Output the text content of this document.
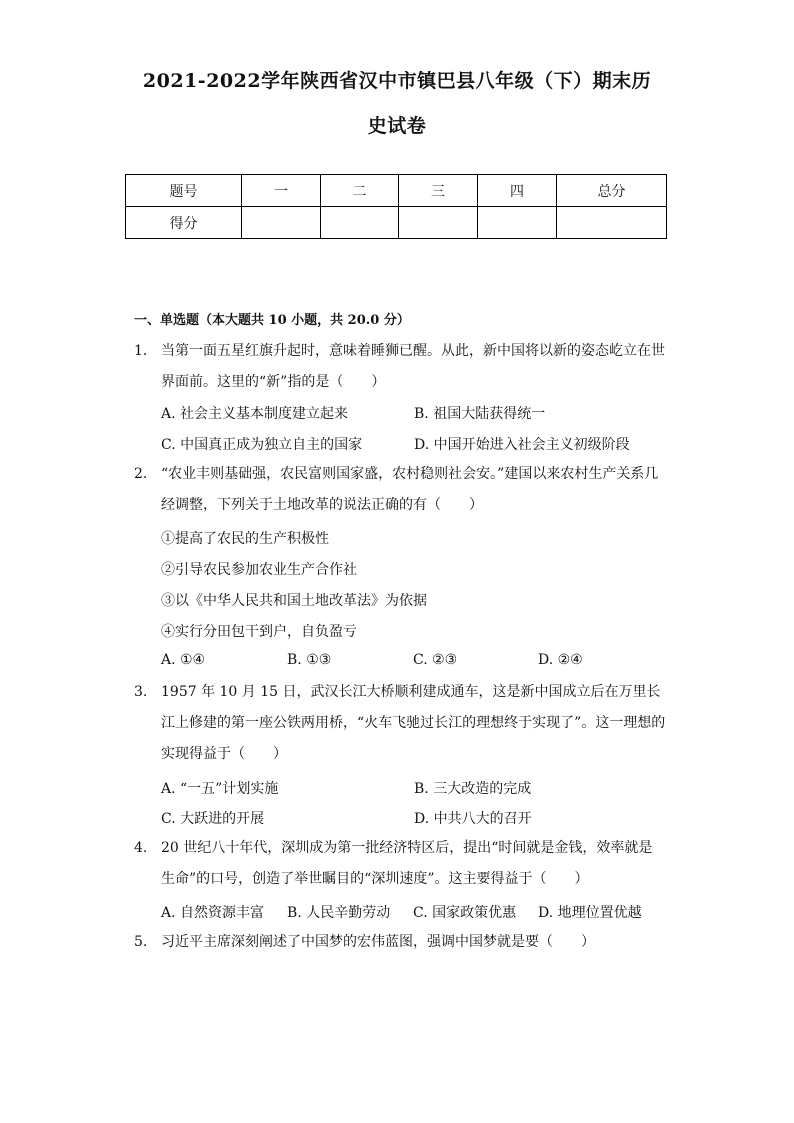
2021-2022学年陕西省汉中市镇巴县八年级（下）期末历
史试卷
题号	一	二	三	四	总分
得分					
一、单选题（本大题共 10 小题，共 20.0 分）
1. 当第一面五星红旗升起时，意味着睡狮已醒。从此，新中国将以新的姿态屹立在世界面前。这里的“新”指的是（　　）
A. 社会主义基本制度建立起来	B. 祖国大陆获得统一
C. 中国真正成为独立自主的国家	D. 中国开始进入社会主义初级阶段
2. “农业丰则基础强，农民富则国家盛，农村稳则社会安。”建国以来农村生产关系几经调整，下列关于土地改革的说法正确的有（　　）
①提高了农民的生产积极性
②引导农民参加农业生产合作社
③以《中华人民共和国土地改革法》为依据
④实行分田包干到户，自负盈亏
A. ①④	B. ①③	C. ②③	D. ②④
3. 1957 年 10 月 15 日，武汉长江大桥顺利建成通车，这是新中国成立后在万里长江上修建的第一座公铁两用桥，“火车飞驰过长江的理想终于实现了”。这一理想的实现得益于（　　）
A. “一五”计划实施	B. 三大改造的完成
C. 大跃进的开展	D. 中共八大的召开
4. 20 世纪八十年代，深圳成为第一批经济特区后，提出“时间就是金钱，效率就是生命”的口号，创造了举世瞩目的“深圳速度”。这主要得益于（　　）
A. 自然资源丰富 B. 人民辛勤劳动 C. 国家政策优惠 D. 地理位置优越
5. 习近平主席深刻阐述了中国梦的宏伟蓝图，强调中国梦就是要（　　）
